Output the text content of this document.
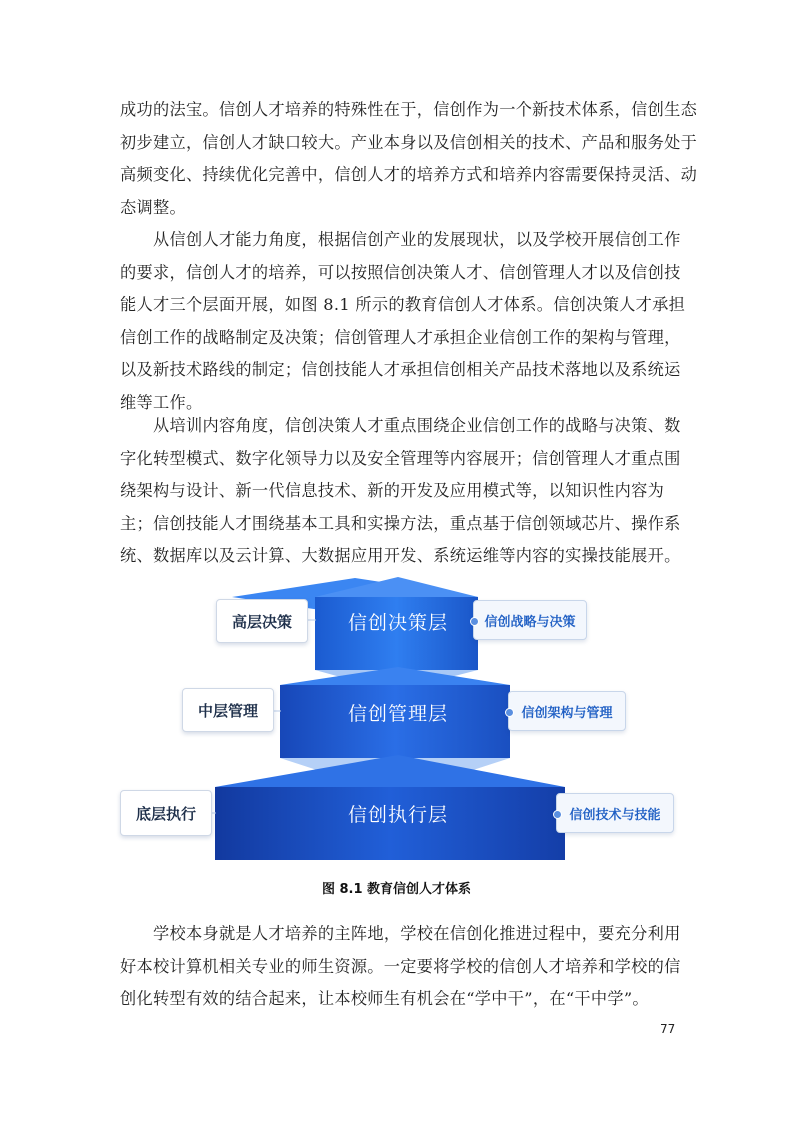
成功的法宝。信创人才培养的特殊性在于，信创作为一个新技术体系，信创生态
初步建立，信创人才缺口较大。产业本身以及信创相关的技术、产品和服务处于
高频变化、持续优化完善中，信创人才的培养方式和培养内容需要保持灵活、动
态调整。
从信创人才能力角度，根据信创产业的发展现状，以及学校开展信创工作
的要求，信创人才的培养，可以按照信创决策人才、信创管理人才以及信创技
能人才三个层面开展，如图 8.1 所示的教育信创人才体系。信创决策人才承担
信创工作的战略制定及决策；信创管理人才承担企业信创工作的架构与管理，
以及新技术路线的制定；信创技能人才承担信创相关产品技术落地以及系统运
维等工作。
从培训内容角度，信创决策人才重点围绕企业信创工作的战略与决策、数
字化转型模式、数字化领导力以及安全管理等内容展开；信创管理人才重点围
绕架构与设计、新一代信息技术、新的开发及应用模式等，以知识性内容为
主；信创技能人才围绕基本工具和实操方法，重点基于信创领域芯片、操作系
统、数据库以及云计算、大数据应用开发、系统运维等内容的实操技能展开。
信创决策层
信创管理层
信创执行层
高层决策
中层管理
底层执行
信创战略与决策
信创架构与管理
信创技术与技能
图 8.1 教育信创人才体系
学校本身就是人才培养的主阵地，学校在信创化推进过程中，要充分利用
好本校计算机相关专业的师生资源。一定要将学校的信创人才培养和学校的信
创化转型有效的结合起来，让本校师生有机会在“学中干”，在“干中学”。
77
